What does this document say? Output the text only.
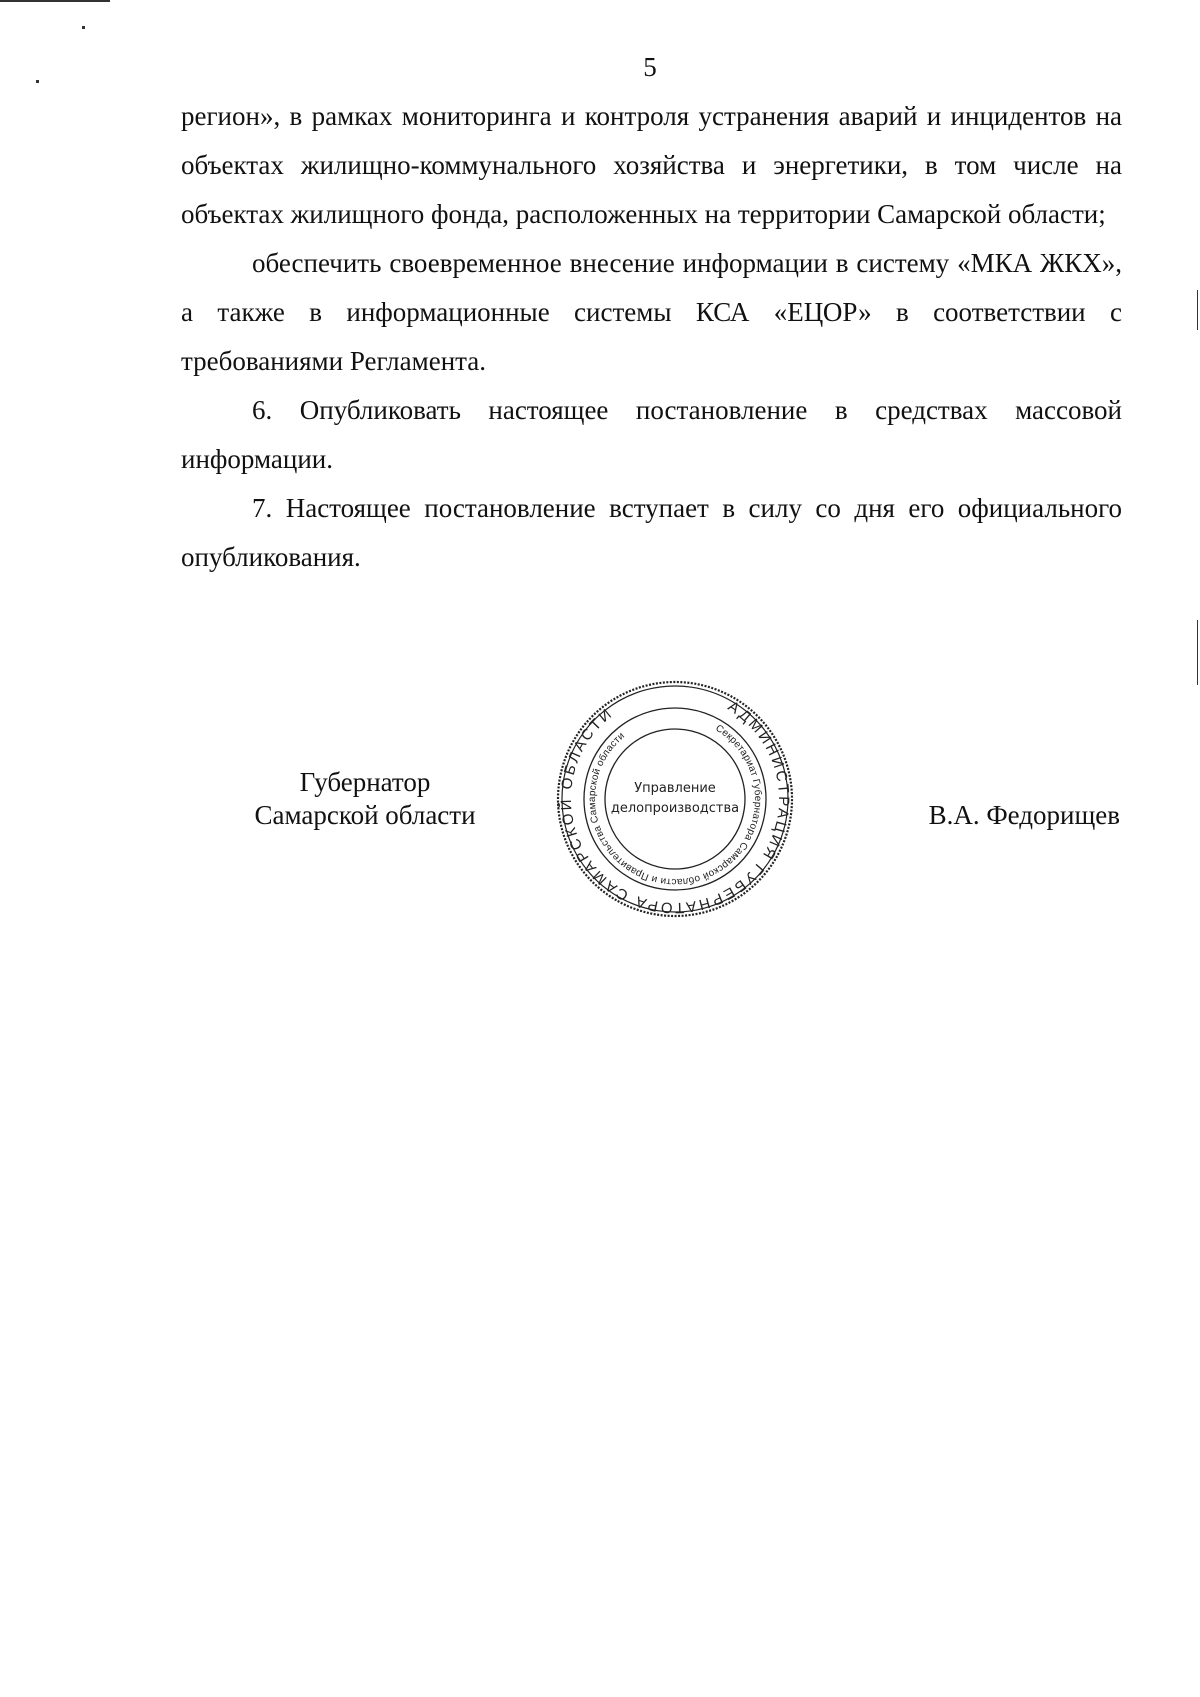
5

регион», в рамках мониторинга и контроля устранения аварий и инцидентов на объектах жилищно-коммунального хозяйства и энергетики, в том числе на объектах жилищного фонда, расположенных на территории Самарской области;

обеспечить своевременное внесение информации в систему «МКА ЖКХ», а также в информационные системы КСА «ЕЦОР» в соответствии с требованиями Регламента.

6. Опубликовать настоящее постановление в средствах массовой информации.

7. Настоящее постановление вступает в силу со дня его официального опубликования.

Губернатор
Самарской области
АДМИНИСТРАЦИЯ ГУБЕРНАТОРА САМАРСКОЙ ОБЛАСТИ
Секретариат Губернатора Самарской области и Правительства Самарской области
Управление
делопроизводства	В.А. Федорищев
